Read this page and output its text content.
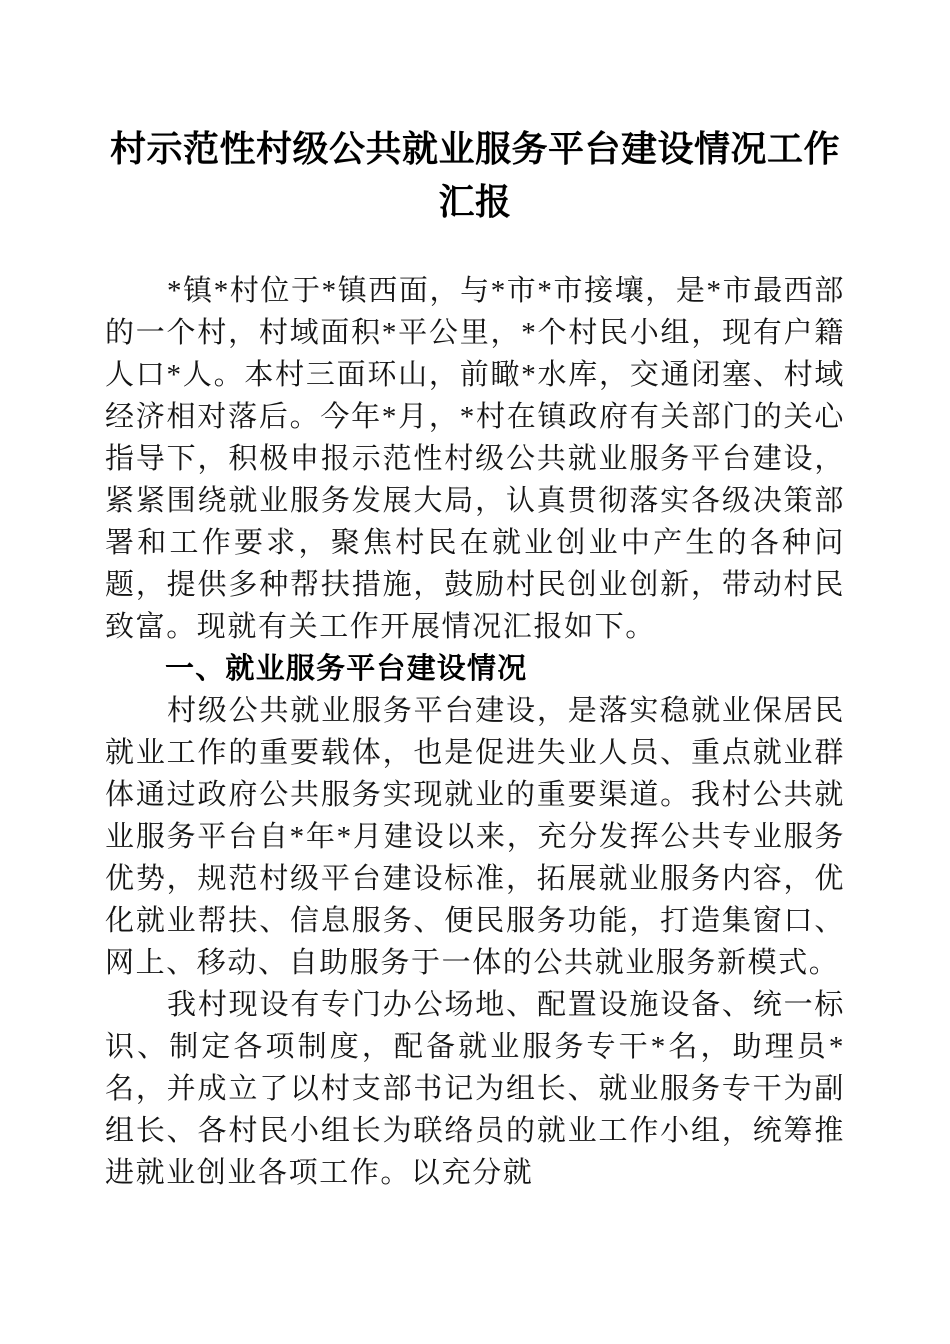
村示范性村级公共就业服务平台建设情况工作汇报

*镇*村位于*镇西面，与*市*市接壤，是*市最西部的一个村，村域面积*平公里，*个村民小组，现有户籍人口*人。本村三面环山，前瞰*水库，交通闭塞、村域经济相对落后。今年*月，*村在镇政府有关部门的关心指导下，积极申报示范性村级公共就业服务平台建设，紧紧围绕就业服务发展大局，认真贯彻落实各级决策部署和工作要求，聚焦村民在就业创业中产生的各种问题，提供多种帮扶措施，鼓励村民创业创新，带动村民致富。现就有关工作开展情况汇报如下。

一、就业服务平台建设情况

村级公共就业服务平台建设，是落实稳就业保居民就业工作的重要载体，也是促进失业人员、重点就业群体通过政府公共服务实现就业的重要渠道。我村公共就业服务平台自*年*月建设以来，充分发挥公共专业服务优势，规范村级平台建设标准，拓展就业服务内容，优化就业帮扶、信息服务、便民服务功能，打造集窗口、网上、移动、自助服务于一体的公共就业服务新模式。

我村现设有专门办公场地、配置设施设备、统一标识、制定各项制度，配备就业服务专干*名，助理员*名，并成立了以村支部书记为组长、就业服务专干为副组长、各村民小组长为联络员的就业工作小组，统筹推进就业创业各项工作。以充分就
